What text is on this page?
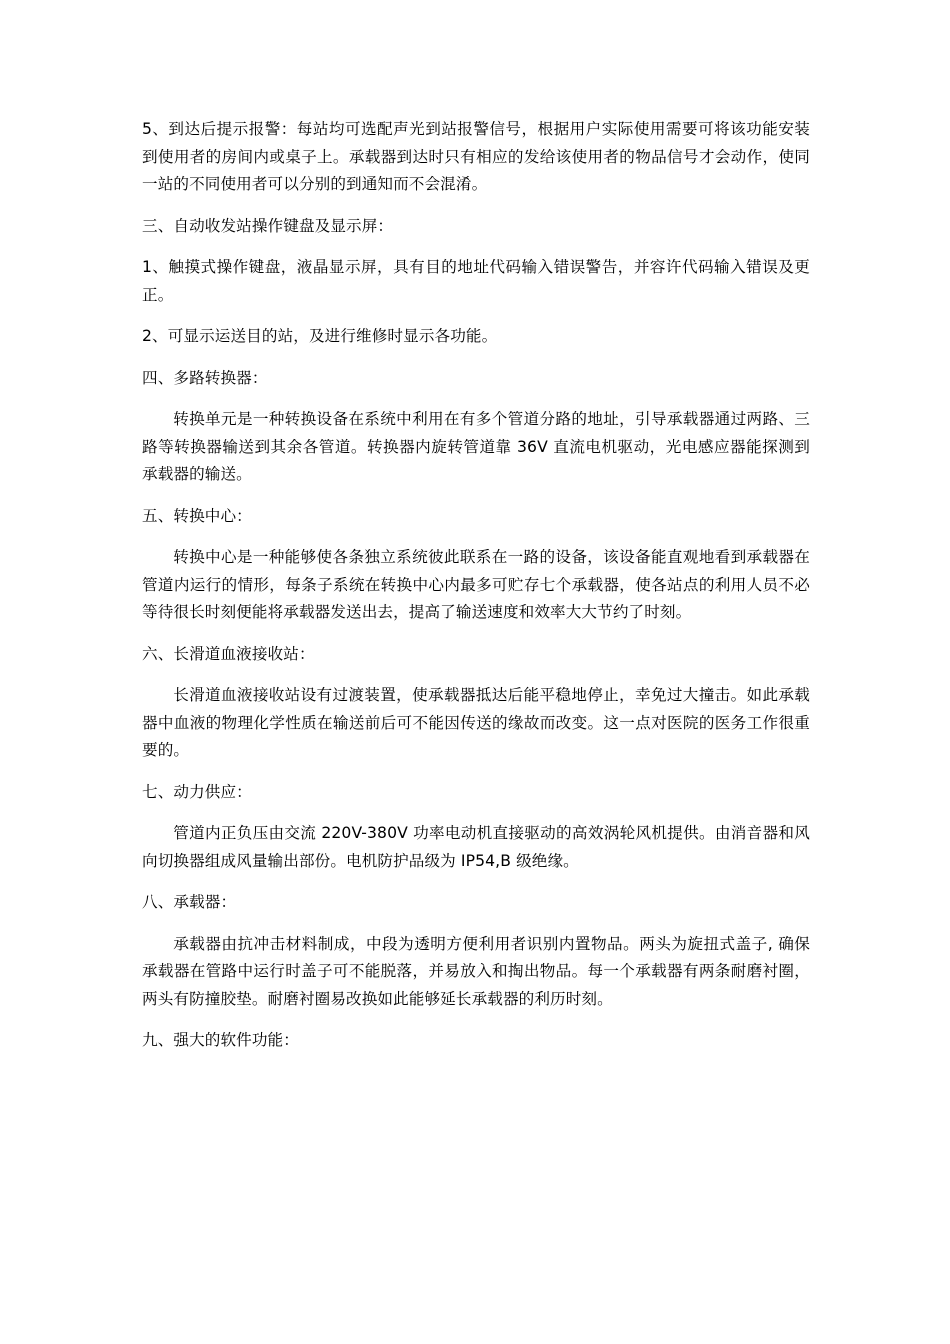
5、到达后提示报警：每站均可选配声光到站报警信号，根据用户实际使用需要可将该功能安装到使用者的房间内或桌子上。承载器到达时只有相应的发给该使用者的物品信号才会动作，使同一站的不同使用者可以分别的到通知而不会混淆。

三、自动收发站操作键盘及显示屏：

1、触摸式操作键盘，液晶显示屏，具有目的地址代码输入错误警告，并容许代码输入错误及更正。

2、可显示运送目的站，及进行维修时显示各功能。

四、多路转换器：

转换单元是一种转换设备在系统中利用在有多个管道分路的地址，引导承载器通过两路、三路等转换器输送到其余各管道。转换器内旋转管道靠 36V 直流电机驱动，光电感应器能探测到承载器的输送。

五、转换中心：

转换中心是一种能够使各条独立系统彼此联系在一路的设备，该设备能直观地看到承载器在管道内运行的情形，每条子系统在转换中心内最多可贮存七个承载器，使各站点的利用人员不必等待很长时刻便能将承载器发送出去，提高了输送速度和效率大大节约了时刻。

六、长滑道血液接收站：

长滑道血液接收站设有过渡装置，使承载器抵达后能平稳地停止，幸免过大撞击。如此承载器中血液的物理化学性质在输送前后可不能因传送的缘故而改变。这一点对医院的医务工作很重要的。

七、动力供应：

管道内正负压由交流 220V-380V 功率电动机直接驱动的高效涡轮风机提供。由消音器和风向切换器组成风量输出部份。电机防护品级为 IP54,B 级绝缘。

八、承载器：

承载器由抗冲击材料制成，中段为透明方便利用者识别内置物品。两头为旋扭式盖子, 确保承载器在管路中运行时盖子可不能脱落，并易放入和掏出物品。每一个承载器有两条耐磨衬圈，两头有防撞胶垫。耐磨衬圈易改换如此能够延长承载器的利历时刻。

九、强大的软件功能：
